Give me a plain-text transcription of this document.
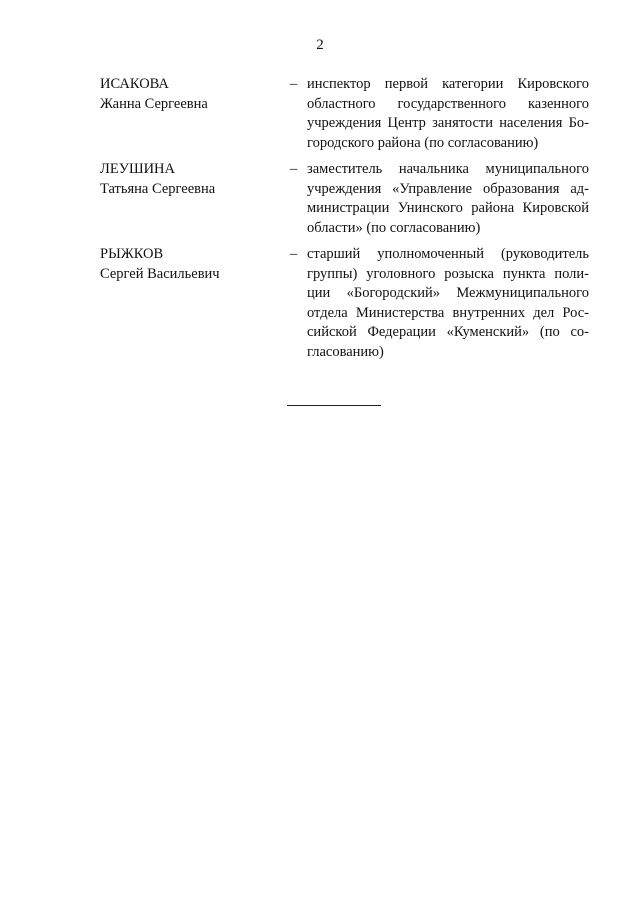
2
ИСАКОВА
Жанна Сергеевна
– инспектор первой категории Кировского
областного государственного казенного
учреждения Центр занятости населения Бо-
городского района (по согласованию)
ЛЕУШИНА
Татьяна Сергеевна
– заместитель начальника муниципального
учреждения «Управление образования ад-
министрации Унинского района Кировской
области» (по согласованию)
РЫЖКОВ
Сергей Васильевич
– старший уполномоченный (руководитель
группы) уголовного розыска пункта поли-
ции «Богородский» Межмуниципального
отдела Министерства внутренних дел Рос-
сийской Федерации «Куменский» (по со-
гласованию)
